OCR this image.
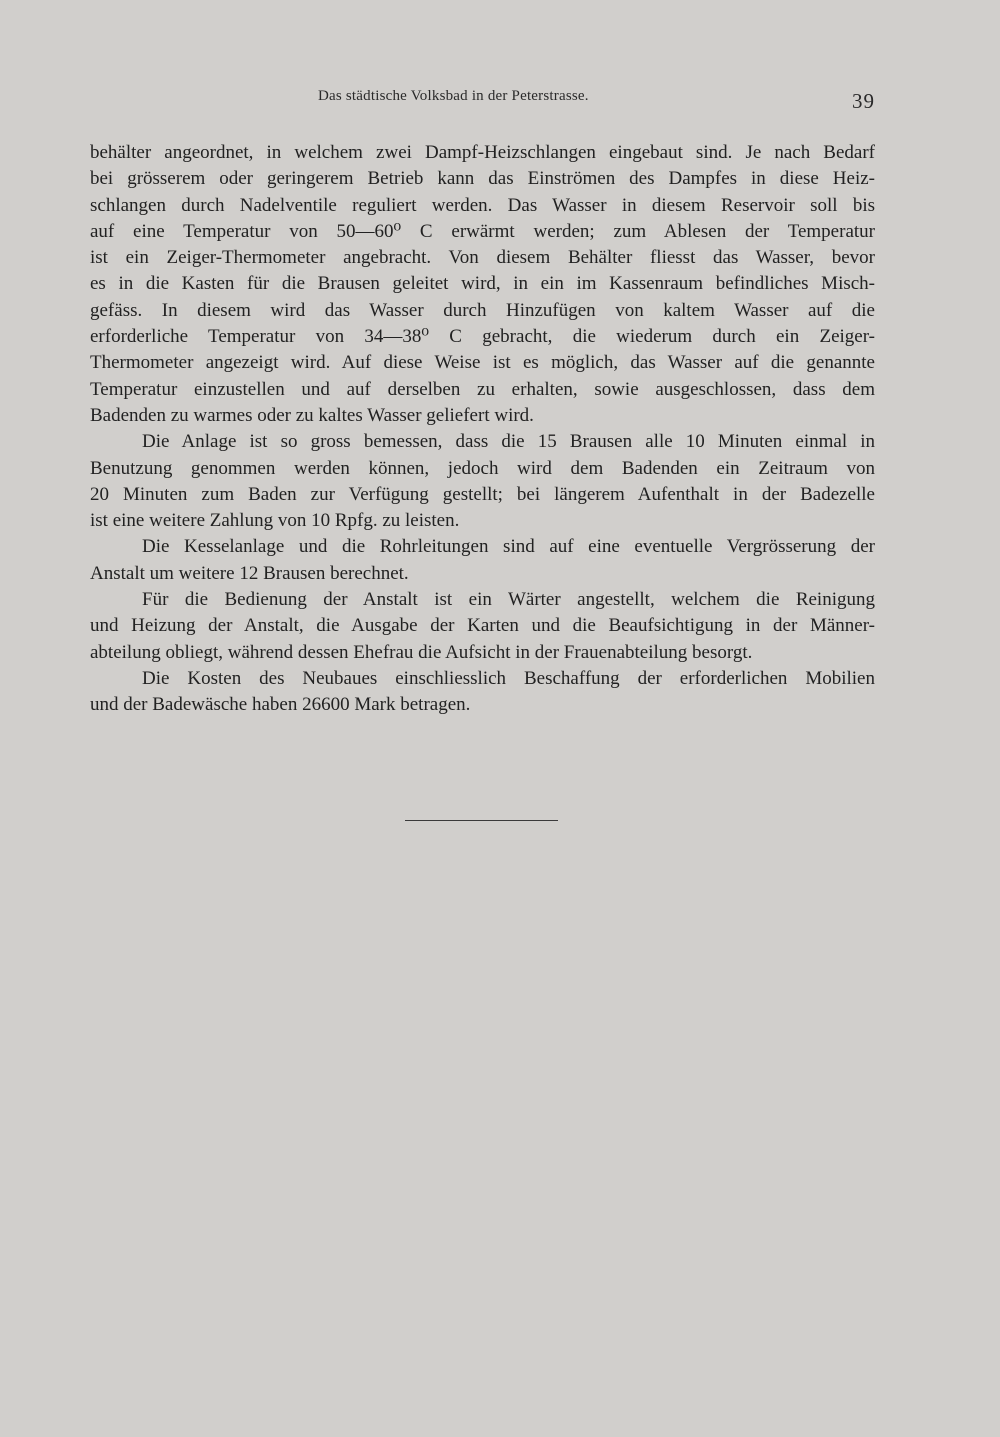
Das städtische Volksbad in der Peterstrasse.	39
behälter angeordnet, in welchem zwei Dampf-Heizschlangen eingebaut sind. Je nach Bedarf
bei grösserem oder geringerem Betrieb kann das Einströmen des Dampfes in diese Heiz-
schlangen durch Nadelventile reguliert werden. Das Wasser in diesem Reservoir soll bis
auf eine Temperatur von 50—60⁰ C erwärmt werden; zum Ablesen der Temperatur
ist ein Zeiger-Thermometer angebracht. Von diesem Behälter fliesst das Wasser, bevor
es in die Kasten für die Brausen geleitet wird, in ein im Kassenraum befindliches Misch-
gefäss. In diesem wird das Wasser durch Hinzufügen von kaltem Wasser auf die
erforderliche Temperatur von 34—38⁰ C gebracht, die wiederum durch ein Zeiger-
Thermometer angezeigt wird. Auf diese Weise ist es möglich, das Wasser auf die genannte
Temperatur einzustellen und auf derselben zu erhalten, sowie ausgeschlossen, dass dem
Badenden zu warmes oder zu kaltes Wasser geliefert wird.
Die Anlage ist so gross bemessen, dass die 15 Brausen alle 10 Minuten einmal in
Benutzung genommen werden können, jedoch wird dem Badenden ein Zeitraum von
20 Minuten zum Baden zur Verfügung gestellt; bei längerem Aufenthalt in der Badezelle
ist eine weitere Zahlung von 10 Rpfg. zu leisten.
Die Kesselanlage und die Rohrleitungen sind auf eine eventuelle Vergrösserung der
Anstalt um weitere 12 Brausen berechnet.
Für die Bedienung der Anstalt ist ein Wärter angestellt, welchem die Reinigung
und Heizung der Anstalt, die Ausgabe der Karten und die Beaufsichtigung in der Männer-
abteilung obliegt, während dessen Ehefrau die Aufsicht in der Frauenabteilung besorgt.
Die Kosten des Neubaues einschliesslich Beschaffung der erforderlichen Mobilien
und der Badewäsche haben 26600 Mark betragen.
